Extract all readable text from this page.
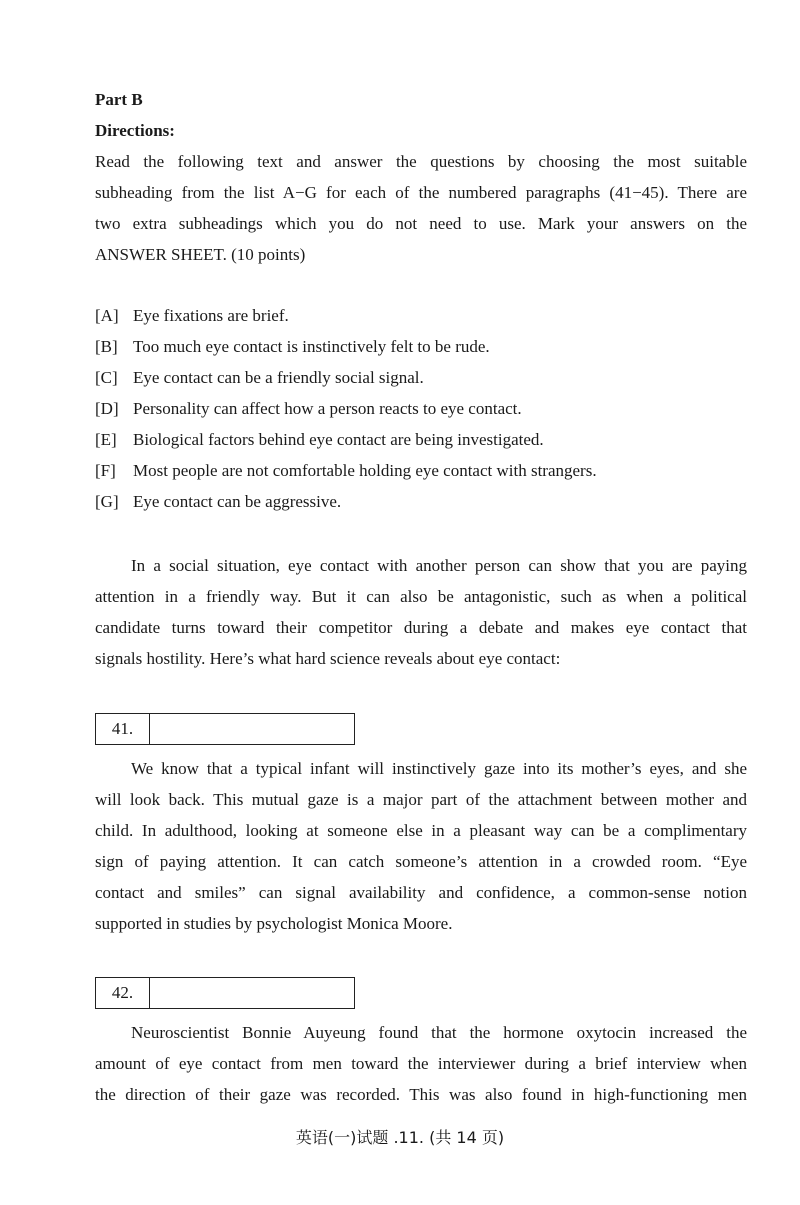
Part B
Directions:
Read the following text and answer the questions by choosing the most suitable
subheading from the list A−G for each of the numbered paragraphs (41−45). There are
two extra subheadings which you do not need to use. Mark your answers on the
ANSWER SHEET. (10 points)
[A] Eye fixations are brief.
[B] Too much eye contact is instinctively felt to be rude.
[C] Eye contact can be a friendly social signal.
[D] Personality can affect how a person reacts to eye contact.
[E] Biological factors behind eye contact are being investigated.
[F] Most people are not comfortable holding eye contact with strangers.
[G] Eye contact can be aggressive.
In a social situation, eye contact with another person can show that you are paying
attention in a friendly way. But it can also be antagonistic, such as when a political
candidate turns toward their competitor during a debate and makes eye contact that
signals hostility. Here’s what hard science reveals about eye contact:
41.
We know that a typical infant will instinctively gaze into its mother’s eyes, and she
will look back. This mutual gaze is a major part of the attachment between mother and
child. In adulthood, looking at someone else in a pleasant way can be a complimentary
sign of paying attention. It can catch someone’s attention in a crowded room. “Eye
contact and smiles” can signal availability and confidence, a common-sense notion
supported in studies by psychologist Monica Moore.
42.
Neuroscientist Bonnie Auyeung found that the hormone oxytocin increased the
amount of eye contact from men toward the interviewer during a brief interview when
the direction of their gaze was recorded. This was also found in high-functioning men
英语(一)试题 .11. (共 14 页)
